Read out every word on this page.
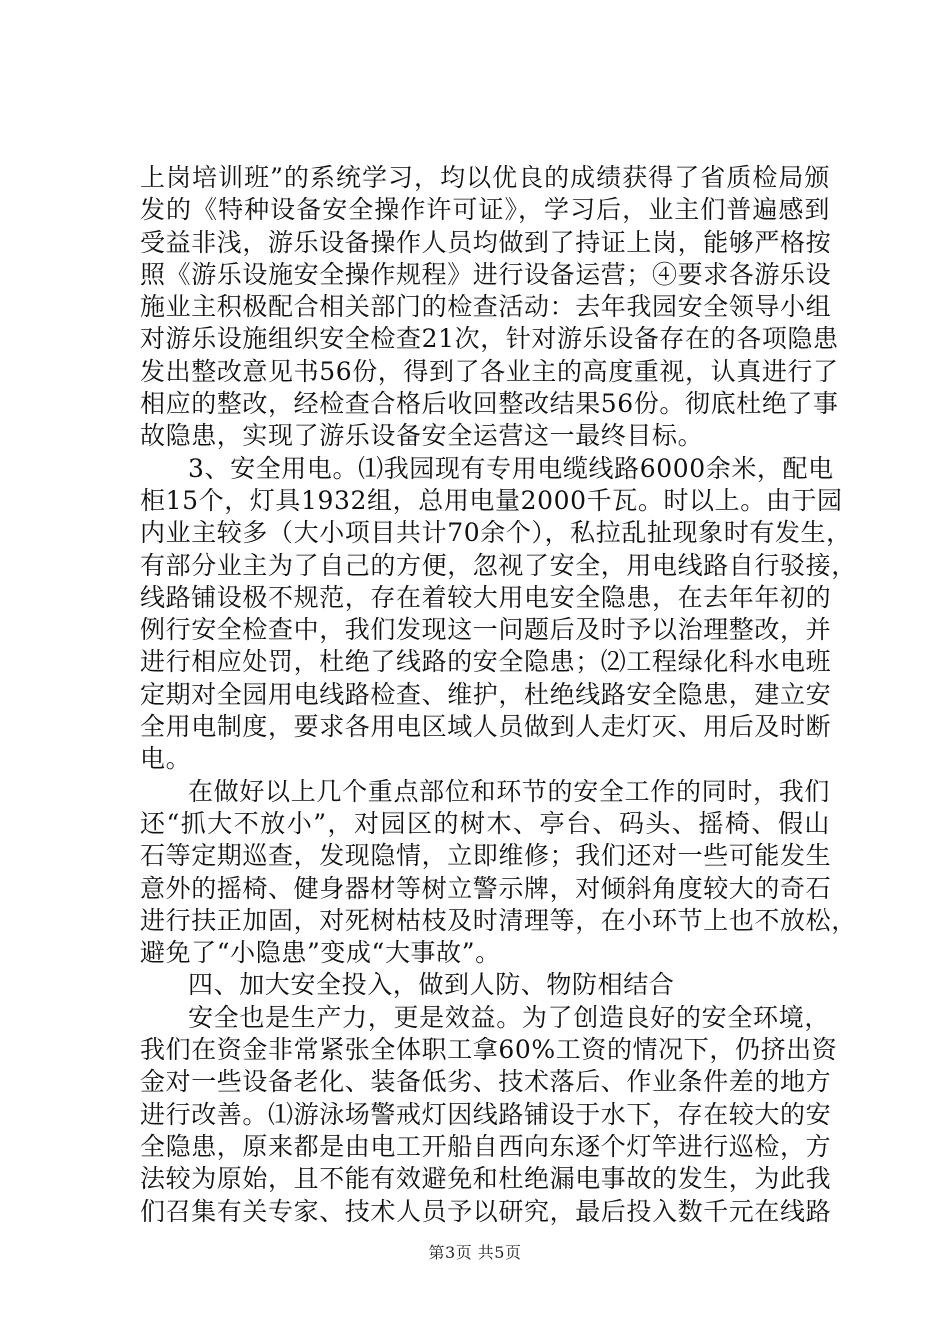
上岗培训班”的系统学习，均以优良的成绩获得了省质检局颁
发的《特种设备安全操作许可证》，学习后，业主们普遍感到
受益非浅，游乐设备操作人员均做到了持证上岗，能够严格按
照《游乐设施安全操作规程》进行设备运营；④要求各游乐设
施业主积极配合相关部门的检查活动：去年我园安全领导小组
对游乐设施组织安全检查21次，针对游乐设备存在的各项隐患
发出整改意见书56份，得到了各业主的高度重视，认真进行了
相应的整改，经检查合格后收回整改结果56份。彻底杜绝了事
故隐患，实现了游乐设备安全运营这一最终目标。
3、安全用电。⑴我园现有专用电缆线路6000余米，配电
柜15个，灯具1932组，总用电量2000千瓦。时以上。由于园
内业主较多（大小项目共计70余个），私拉乱扯现象时有发生，
有部分业主为了自己的方便，忽视了安全，用电线路自行驳接，
线路铺设极不规范，存在着较大用电安全隐患，在去年年初的
例行安全检查中，我们发现这一问题后及时予以治理整改，并
进行相应处罚，杜绝了线路的安全隐患；⑵工程绿化科水电班
定期对全园用电线路检查、维护，杜绝线路安全隐患，建立安
全用电制度，要求各用电区域人员做到人走灯灭、用后及时断
电。
在做好以上几个重点部位和环节的安全工作的同时，我们
还“抓大不放小”，对园区的树木、亭台、码头、摇椅、假山
石等定期巡查，发现隐情，立即维修；我们还对一些可能发生
意外的摇椅、健身器材等树立警示牌，对倾斜角度较大的奇石
进行扶正加固，对死树枯枝及时清理等，在小环节上也不放松，
避免了“小隐患”变成“大事故”。
四、加大安全投入，做到人防、物防相结合
安全也是生产力，更是效益。为了创造良好的安全环境，
我们在资金非常紧张全体职工拿60%工资的情况下，仍挤出资
金对一些设备老化、装备低劣、技术落后、作业条件差的地方
进行改善。⑴游泳场警戒灯因线路铺设于水下，存在较大的安
全隐患，原来都是由电工开船自西向东逐个灯竿进行巡检，方
法较为原始，且不能有效避免和杜绝漏电事故的发生，为此我
们召集有关专家、技术人员予以研究，最后投入数千元在线路
第3页 共5页
